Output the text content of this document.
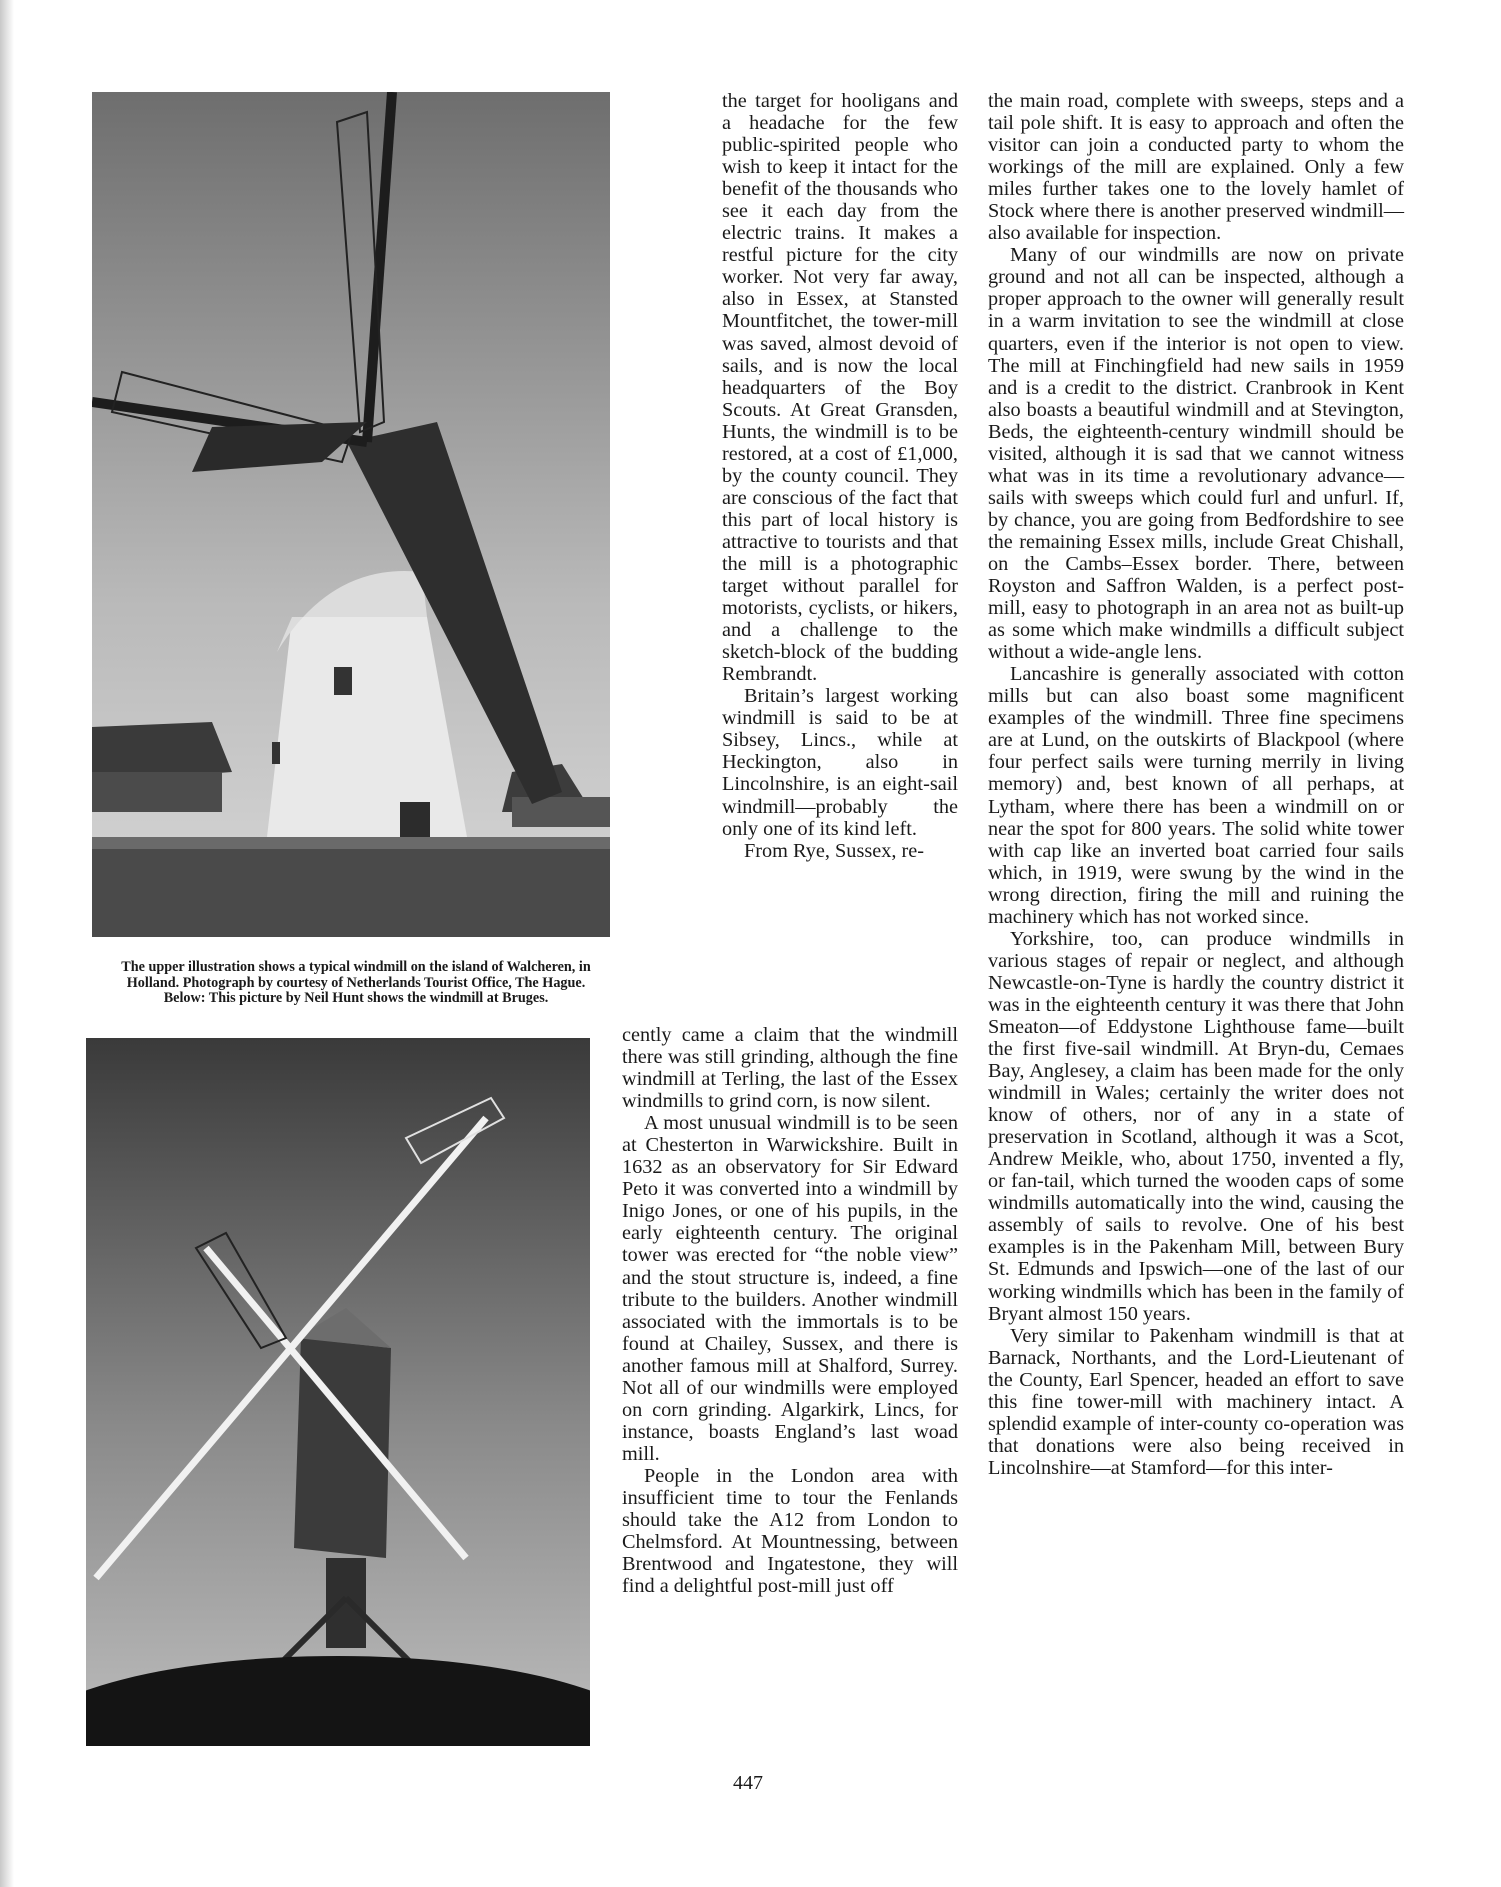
The upper illustration shows a typical windmill on the island of Walcheren, in
Holland. Photograph by courtesy of Netherlands Tourist Office, The Hague.
Below: This picture by Neil Hunt shows the windmill at Bruges.

the target for hooligans and a headache for the few public-spirited people who wish to keep it intact for the benefit of the thousands who see it each day from the electric trains. It makes a restful picture for the city worker. Not very far away, also in Essex, at Stansted Mountfitchet, the tower-mill was saved, almost devoid of sails, and is now the local headquarters of the Boy Scouts. At Great Gransden, Hunts, the windmill is to be restored, at a cost of £1,000, by the county council. They are conscious of the fact that this part of local history is attractive to tourists and that the mill is a photographic target without parallel for motorists, cyclists, or hikers, and a challenge to the sketch-block of the budding Rembrandt.

Britain’s largest working windmill is said to be at Sibsey, Lincs., while at Heckington, also in Lincolnshire, is an eight-sail windmill—probably the only one of its kind left.

From Rye, Sussex, re-

cently came a claim that the windmill there was still grinding, although the fine windmill at Terling, the last of the Essex windmills to grind corn, is now silent.

A most unusual windmill is to be seen at Chesterton in Warwickshire. Built in 1632 as an observatory for Sir Edward Peto it was converted into a windmill by Inigo Jones, or one of his pupils, in the early eighteenth century. The original tower was erected for “the noble view” and the stout structure is, indeed, a fine tribute to the builders. Another windmill associated with the immortals is to be found at Chailey, Sussex, and there is another famous mill at Shalford, Surrey. Not all of our windmills were employed on corn grinding. Algarkirk, Lincs, for instance, boasts England’s last woad mill.

People in the London area with insufficient time to tour the Fenlands should take the A12 from London to Chelmsford. At Mountnessing, between Brentwood and Ingatestone, they will find a delightful post-mill just off

the main road, complete with sweeps, steps and a tail pole shift. It is easy to approach and often the visitor can join a conducted party to whom the workings of the mill are explained. Only a few miles further takes one to the lovely hamlet of Stock where there is another preserved windmill—also available for inspection.

Many of our windmills are now on private ground and not all can be inspected, although a proper approach to the owner will generally result in a warm invitation to see the windmill at close quarters, even if the interior is not open to view. The mill at Finchingfield had new sails in 1959 and is a credit to the district. Cranbrook in Kent also boasts a beautiful windmill and at Stevington, Beds, the eighteenth-century windmill should be visited, although it is sad that we cannot witness what was in its time a revolutionary advance—sails with sweeps which could furl and unfurl. If, by chance, you are going from Bedfordshire to see the remaining Essex mills, include Great Chishall, on the Cambs–Essex border. There, between Royston and Saffron Walden, is a perfect post-mill, easy to photograph in an area not as built-up as some which make windmills a difficult subject without a wide-angle lens.

Lancashire is generally associated with cotton mills but can also boast some magnificent examples of the windmill. Three fine specimens are at Lund, on the outskirts of Blackpool (where four perfect sails were turning merrily in living memory) and, best known of all perhaps, at Lytham, where there has been a windmill on or near the spot for 800 years. The solid white tower with cap like an inverted boat carried four sails which, in 1919, were swung by the wind in the wrong direction, firing the mill and ruining the machinery which has not worked since.

Yorkshire, too, can produce windmills in various stages of repair or neglect, and although Newcastle-on-Tyne is hardly the country district it was in the eighteenth century it was there that John Smeaton—of Eddystone Lighthouse fame—built the first five-sail windmill. At Bryn-du, Cemaes Bay, Anglesey, a claim has been made for the only windmill in Wales; certainly the writer does not know of others, nor of any in a state of preservation in Scotland, although it was a Scot, Andrew Meikle, who, about 1750, invented a fly, or fan-tail, which turned the wooden caps of some windmills automatically into the wind, causing the assembly of sails to revolve. One of his best examples is in the Pakenham Mill, between Bury St. Edmunds and Ipswich—one of the last of our working windmills which has been in the family of Bryant almost 150 years.

Very similar to Pakenham windmill is that at Barnack, Northants, and the Lord-Lieutenant of the County, Earl Spencer, headed an effort to save this fine tower-mill with machinery intact. A splendid example of inter-county co-operation was that donations were also being received in Lincolnshire—at Stamford—for this inter-

447
